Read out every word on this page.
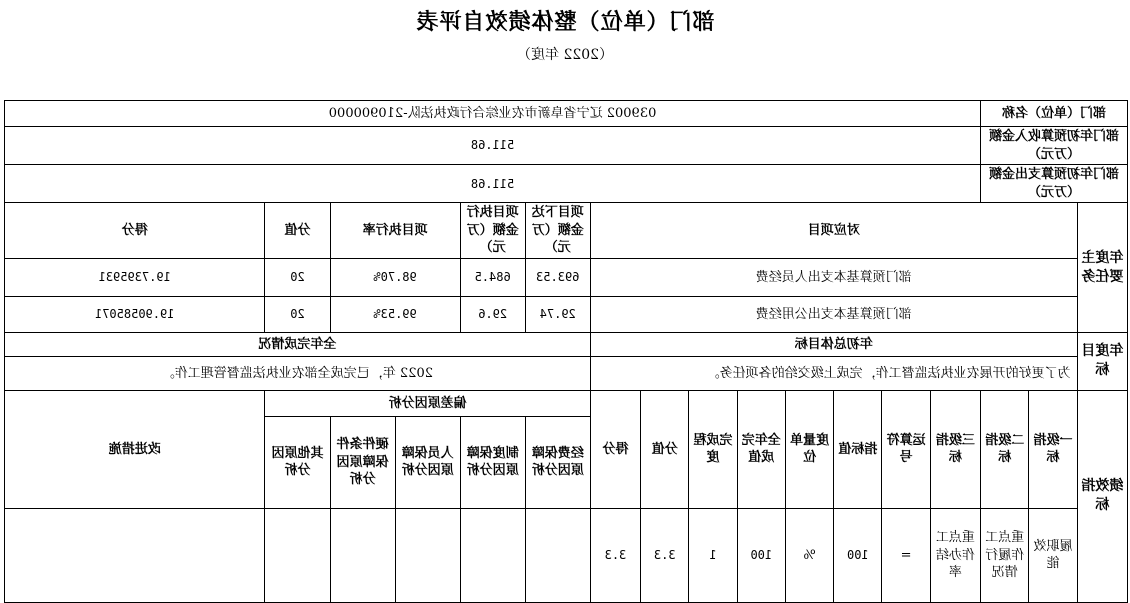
部门（单位）整体绩效自评表
（2022 年度）
部门（单位）名称			039002 辽宁省阜新市农业综合行政执法队-210900000													
部门年初预算收入金额（万元）			511.68													
部门年初预算支出金额（万元）			511.68													
年度主要任务	对应项目										项目下达金额（万元）	项目执行金额（万元）	项目执行率		分值	得分
	部门预算基本支出人员经费										693.53	684.5	98.70%		20	19.7395931
	部门预算基本支出公用经费										29.74	29.6	99.53%		20	19.90585071
年度目标	年初总体目标										全年完成情况					
	为了更好的开展农业执法监督工作，完成上级交给的各项任务。										2022 年，已完成全部农业执法监督管理工作。					
绩效指标	一级指标	二级指标	三级指标	运算符号	指标值	度量单位	全年完成值	完成程度	分值	得分	偏差原因分析					改进措施
											经费保障原因分析	制度保障原因分析	人员保障原因分析	硬件条件保障原因分析	其他原因分析	
	履职效能	重点工作履行情况	重点工作办结率	=	100	%	100	1	3.3	3.3						
